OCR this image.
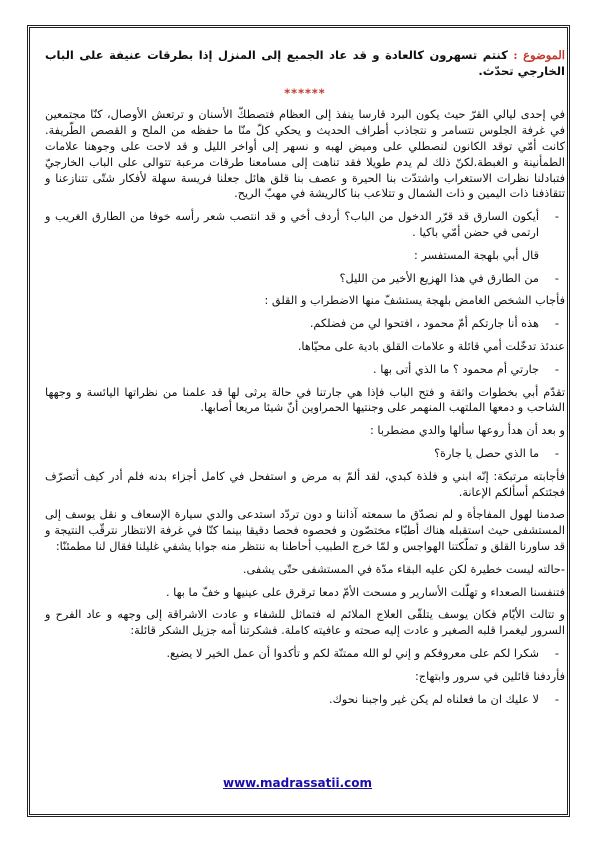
الموضوع : كنتم تسهرون كالعادة و قد عاد الجميع إلى المنزل إذا بطرقات عنيفة على الباب الخارجي تحدّث.

******

في إحدى ليالي القرّ حيث يكون البرد قارسا ينفذ إلى العظام فتصطكّ الأسنان و ترتعش الأوصال، كنّا مجتمعين في غرفة الجلوس نتسامر و نتجاذب أطراف الحديث و يحكي كلّ منّا ما حفظه من الملح و القصص الطّريفة. كانت أمّي توقد الكانون لنصطلي على وميض لهبه و نسهر إلى أواخر الليل و قد لاحت على وجوهنا علامات الطمأنينة و الغبطة.لكنّ ذلك لم يدم طويلا فقد تناهت إلى مسامعنا طرقات مرعبة تتوالى على الباب الخارجيّ فتبادلنا نظرات الاستغراب واشتدّت بنا الحيرة و عصف بنا قلق هائل جعلنا فريسة سهلة لأفكار شتّى تتنازعنا و تتقاذفنا ذات اليمين و ذات الشمال و تتلاعب بنا كالريشة في مهبّ الريح.

- أيكون السارق قد قرّر الدخول من الباب؟ أردف أخي و قد انتصب شعر رأسه خوفا من الطارق الغريب و ارتمى في حضن أمّي باكيا .

قال أبي بلهجة المستفسر :

- من الطارق في هذا الهزيع الأخير من الليل؟

فأجاب الشخص الغامض بلهجة يستشفّ منها الاضطراب و القلق :

- هذه أنا جارتكم أمّ محمود ، افتحوا لي من فضلكم.

عندئذ تدخّلت أمي قائلة و علامات القلق بادية على محيّاها.

- جارتي أم محمود ؟ ما الذي أتى بها .

تقدّم أبي بخطوات واثقة و فتح الباب فإذا هي جارتنا في حالة يرثى لها قد علمنا من نظراتها اليائسة و وجهها الشاحب و دمعها الملتهب المنهمر على وجنتيها الحمراوين أنّ شيئا مريعا أصابها.

و بعد أن هدأ روعها سألها والدي مضطربا :

- ما الذي حصل يا جارة؟

فأجابته مرتبكة: إنّه ابني و فلذة كبدي، لقد ألمّ به مرض و استفحل في كامل أجزاء بدنه فلم أدر كيف أتصرّف فجئتكم أسألكم الإعانة.

صدمنا لهول المفاجأة و لم نصدّق ما سمعته آذاننا و دون تردّد استدعى والدي سيارة الإسعاف و نقل يوسف إلى المستشفى حيث استقبله هناك أطبّاء مختصّون و فحصوه فحصا دقيقا بينما كنّا في غرفة الانتظار نترقّب النتيجة و قد ساورنا القلق و تملّكتنا الهواجس و لمّا خرج الطبيب أحاطنا به ننتظر منه جوابا يشفي غليلنا فقال لنا مطمئنّا:

-حالته ليست خطيرة لكن عليه البقاء مدّة في المستشفى حتّى يشفى.

فتنفسنا الصعداء و تهلّلت الأسارير و مسحت الأمّ دمعا ترقرق على عينيها و خفّ ما بها .

و تتالت الأيّام فكان يوسف يتلقّى العلاج الملائم له فتماثل للشفاء و عادت الاشراقة إلى وجهه و عاد الفرح و السرور ليغمرا قلبه الصغير و عادت إليه صحته و عافيته كاملة. فشكرتنا أمه جزيل الشكر قائلة:

- شكرا لكم على معروفكم و إني لو الله ممتنّة لكم و تأكدوا أن عمل الخير لا يضيع.

فأردفنا قائلين في سرور وابتهاج:

- لا عليك ان ما فعلناه لم يكن غير واجبنا نحوك.

www.madrassatii.com
